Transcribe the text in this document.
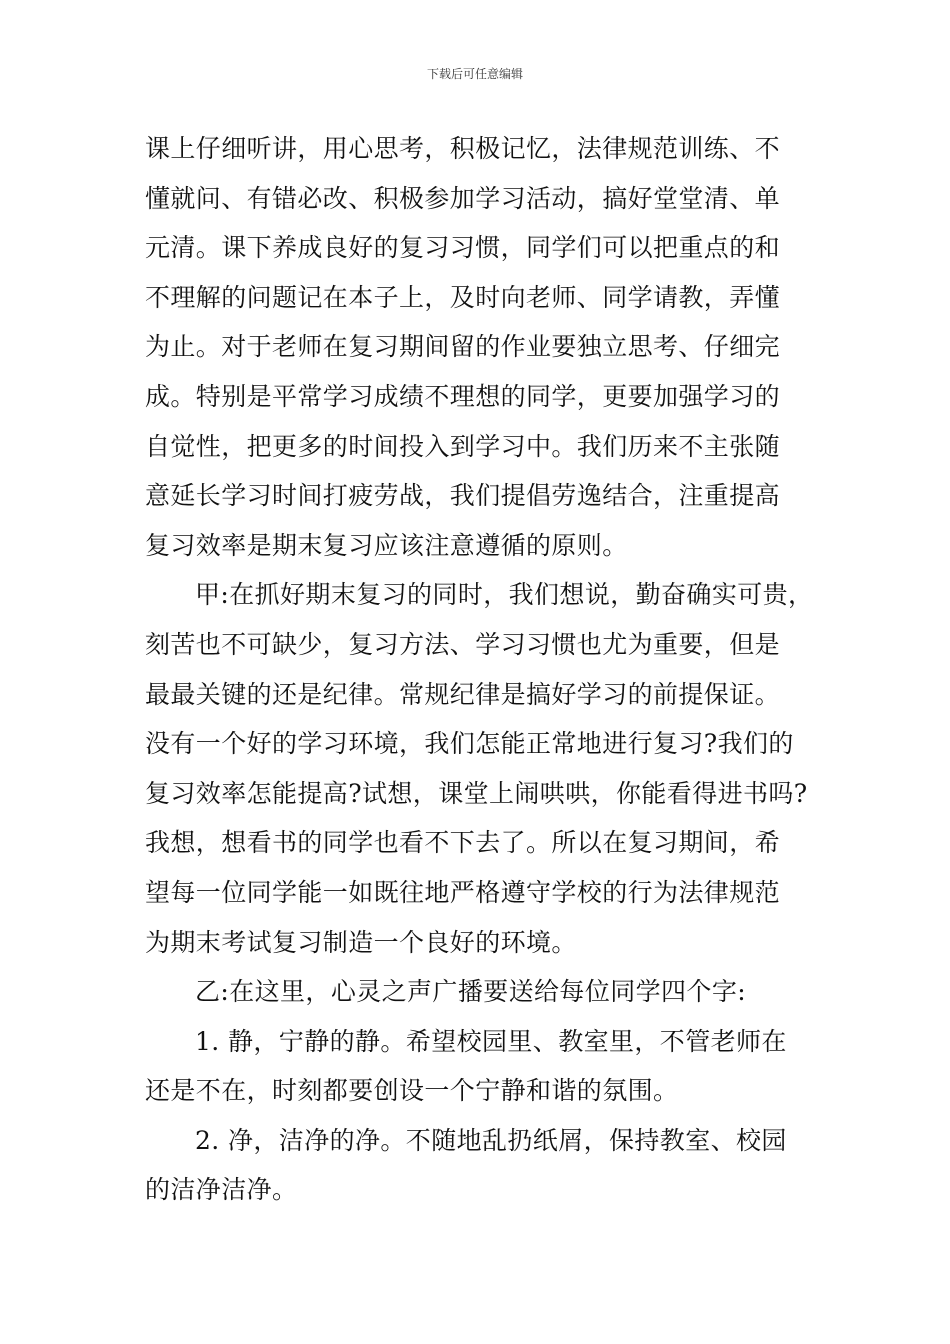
下载后可任意编辑
课上仔细听讲，用心思考，积极记忆，法律规范训练、不
懂就问、有错必改、积极参加学习活动，搞好堂堂清、单
元清。课下养成良好的复习习惯，同学们可以把重点的和
不理解的问题记在本子上，及时向老师、同学请教，弄懂
为止。对于老师在复习期间留的作业要独立思考、仔细完
成。特别是平常学习成绩不理想的同学，更要加强学习的
自觉性，把更多的时间投入到学习中。我们历来不主张随
意延长学习时间打疲劳战，我们提倡劳逸结合，注重提高
复习效率是期末复习应该注意遵循的原则。
甲:在抓好期末复习的同时，我们想说，勤奋确实可贵，
刻苦也不可缺少，复习方法、学习习惯也尤为重要，但是
最最关键的还是纪律。常规纪律是搞好学习的前提保证。
没有一个好的学习环境，我们怎能正常地进行复习?我们的
复习效率怎能提高?试想，课堂上闹哄哄，你能看得进书吗?
我想，想看书的同学也看不下去了。所以在复习期间，希
望每一位同学能一如既往地严格遵守学校的行为法律规范
为期末考试复习制造一个良好的环境。
乙:在这里，心灵之声广播要送给每位同学四个字:
1. 静，宁静的静。希望校园里、教室里，不管老师在
还是不在，时刻都要创设一个宁静和谐的氛围。
2. 净，洁净的净。不随地乱扔纸屑，保持教室、校园
的洁净洁净。
